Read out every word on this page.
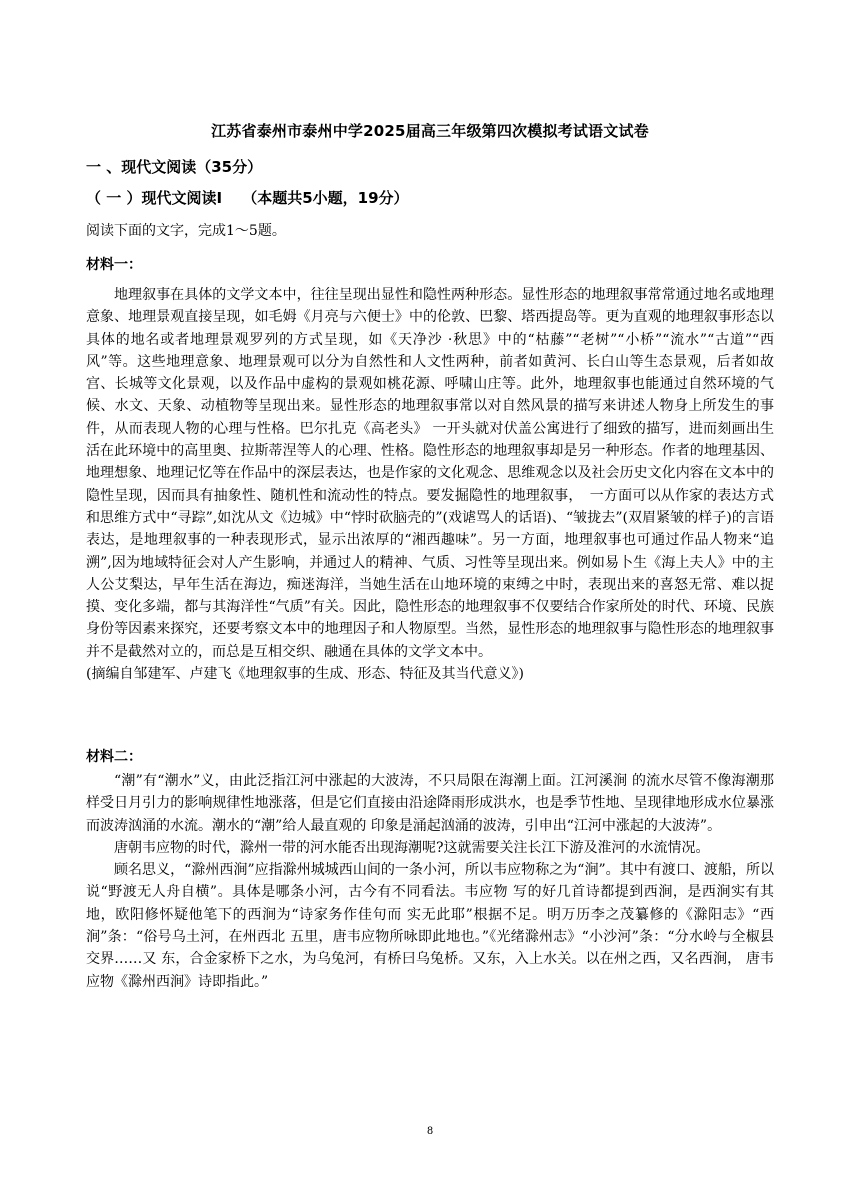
江苏省泰州市泰州中学2025届高三年级第四次模拟考试语文试卷
一 、现代文阅读（35分）
（ 一 ）现代文阅读Ⅰ　 （本题共5小题，19分）
阅读下面的文字，完成1～5题。
材料一：

地理叙事在具体的文学文本中，往往呈现出显性和隐性两种形态。显性形态的地理叙事常常通过地名或地理意象、地理景观直接呈现，如毛姆《月亮与六便士》中的伦敦、巴黎、塔西提岛等。更为直观的地理叙事形态以具体的地名或者地理景观罗列的方式呈现，如《天净沙 ·秋思》中的“枯藤”“老树”“小桥”“流水”“古道”“西风”等。这些地理意象、地理景观可以分为自然性和人文性两种，前者如黄河、长白山等生态景观，后者如故宫、长城等文化景观，以及作品中虚构的景观如桃花源、呼啸山庄等。此外，地理叙事也能通过自然环境的气候、水文、天象、动植物等呈现出来。显性形态的地理叙事常以对自然风景的描写来讲述人物身上所发生的事件，从而表现人物的心理与性格。巴尔扎克《高老头》 一开头就对伏盖公寓进行了细致的描写，进而刻画出生活在此环境中的高里奥、拉斯蒂涅等人的心理、性格。隐性形态的地理叙事却是另一种形态。作者的地理基因、地理想象、地理记忆等在作品中的深层表达，也是作家的文化观念、思维观念以及社会历史文化内容在文本中的隐性呈现，因而具有抽象性、随机性和流动性的特点。要发掘隐性的地理叙事，　一方面可以从作家的表达方式和思维方式中“寻踪”,如沈从文《边城》中“悖时砍脑壳的”(戏谑骂人的话语)、“皱拢去”(双眉紧皱的样子)的言语表达，是地理叙事的一种表现形式，显示出浓厚的“湘西趣味”。另一方面，地理叙事也可通过作品人物来“追溯”,因为地域特征会对人产生影响，并通过人的精神、气质、习性等呈现出来。例如易卜生《海上夫人》中的主人公艾梨达，早年生活在海边，痴迷海洋，当她生活在山地环境的束缚之中时，表现出来的喜怒无常、难以捉摸、变化多端，都与其海洋性“气质”有关。因此，隐性形态的地理叙事不仅要结合作家所处的时代、环境、民族身份等因素来探究，还要考察文本中的地理因子和人物原型。当然，显性形态的地理叙事与隐性形态的地理叙事并不是截然对立的，而总是互相交织、融通在具体的文学文本中。

(摘编自邹建军、卢建飞《地理叙事的生成、形态、特征及其当代意义》)

材料二：

“潮”有“潮水”义，由此泛指江河中涨起的大波涛，不只局限在海潮上面。江河溪涧 的流水尽管不像海潮那样受日月引力的影响规律性地涨落，但是它们直接由沿途降雨形成洪水，也是季节性地、呈现律地形成水位暴涨而波涛汹涌的水流。潮水的“潮”给人最直观的 印象是涌起汹涌的波涛，引申出“江河中涨起的大波涛”。

唐朝韦应物的时代，滁州一带的河水能否出现海潮呢?这就需要关注长江下游及淮河的水流情况。

顾名思义，“滁州西涧”应指滁州城城西山间的一条小河，所以韦应物称之为“涧”。其中有渡口、渡船，所以说“野渡无人舟自横”。具体是哪条小河，古今有不同看法。韦应物 写的好几首诗都提到西涧，是西涧实有其地，欧阳修怀疑他笔下的西涧为“诗家务作佳句而 实无此耶”根据不足。明万历李之茂纂修的《滁阳志》“西涧”条：“俗号乌土河，在州西北 五里，唐韦应物所咏即此地也。”《光绪滁州志》“小沙河”条：“分水岭与全椒县交界……又 东，合金家桥下之水，为乌兔河，有桥曰乌兔桥。又东，入上水关。以在州之西，又名西涧， 唐韦应物《滁州西涧》诗即指此。”

8
